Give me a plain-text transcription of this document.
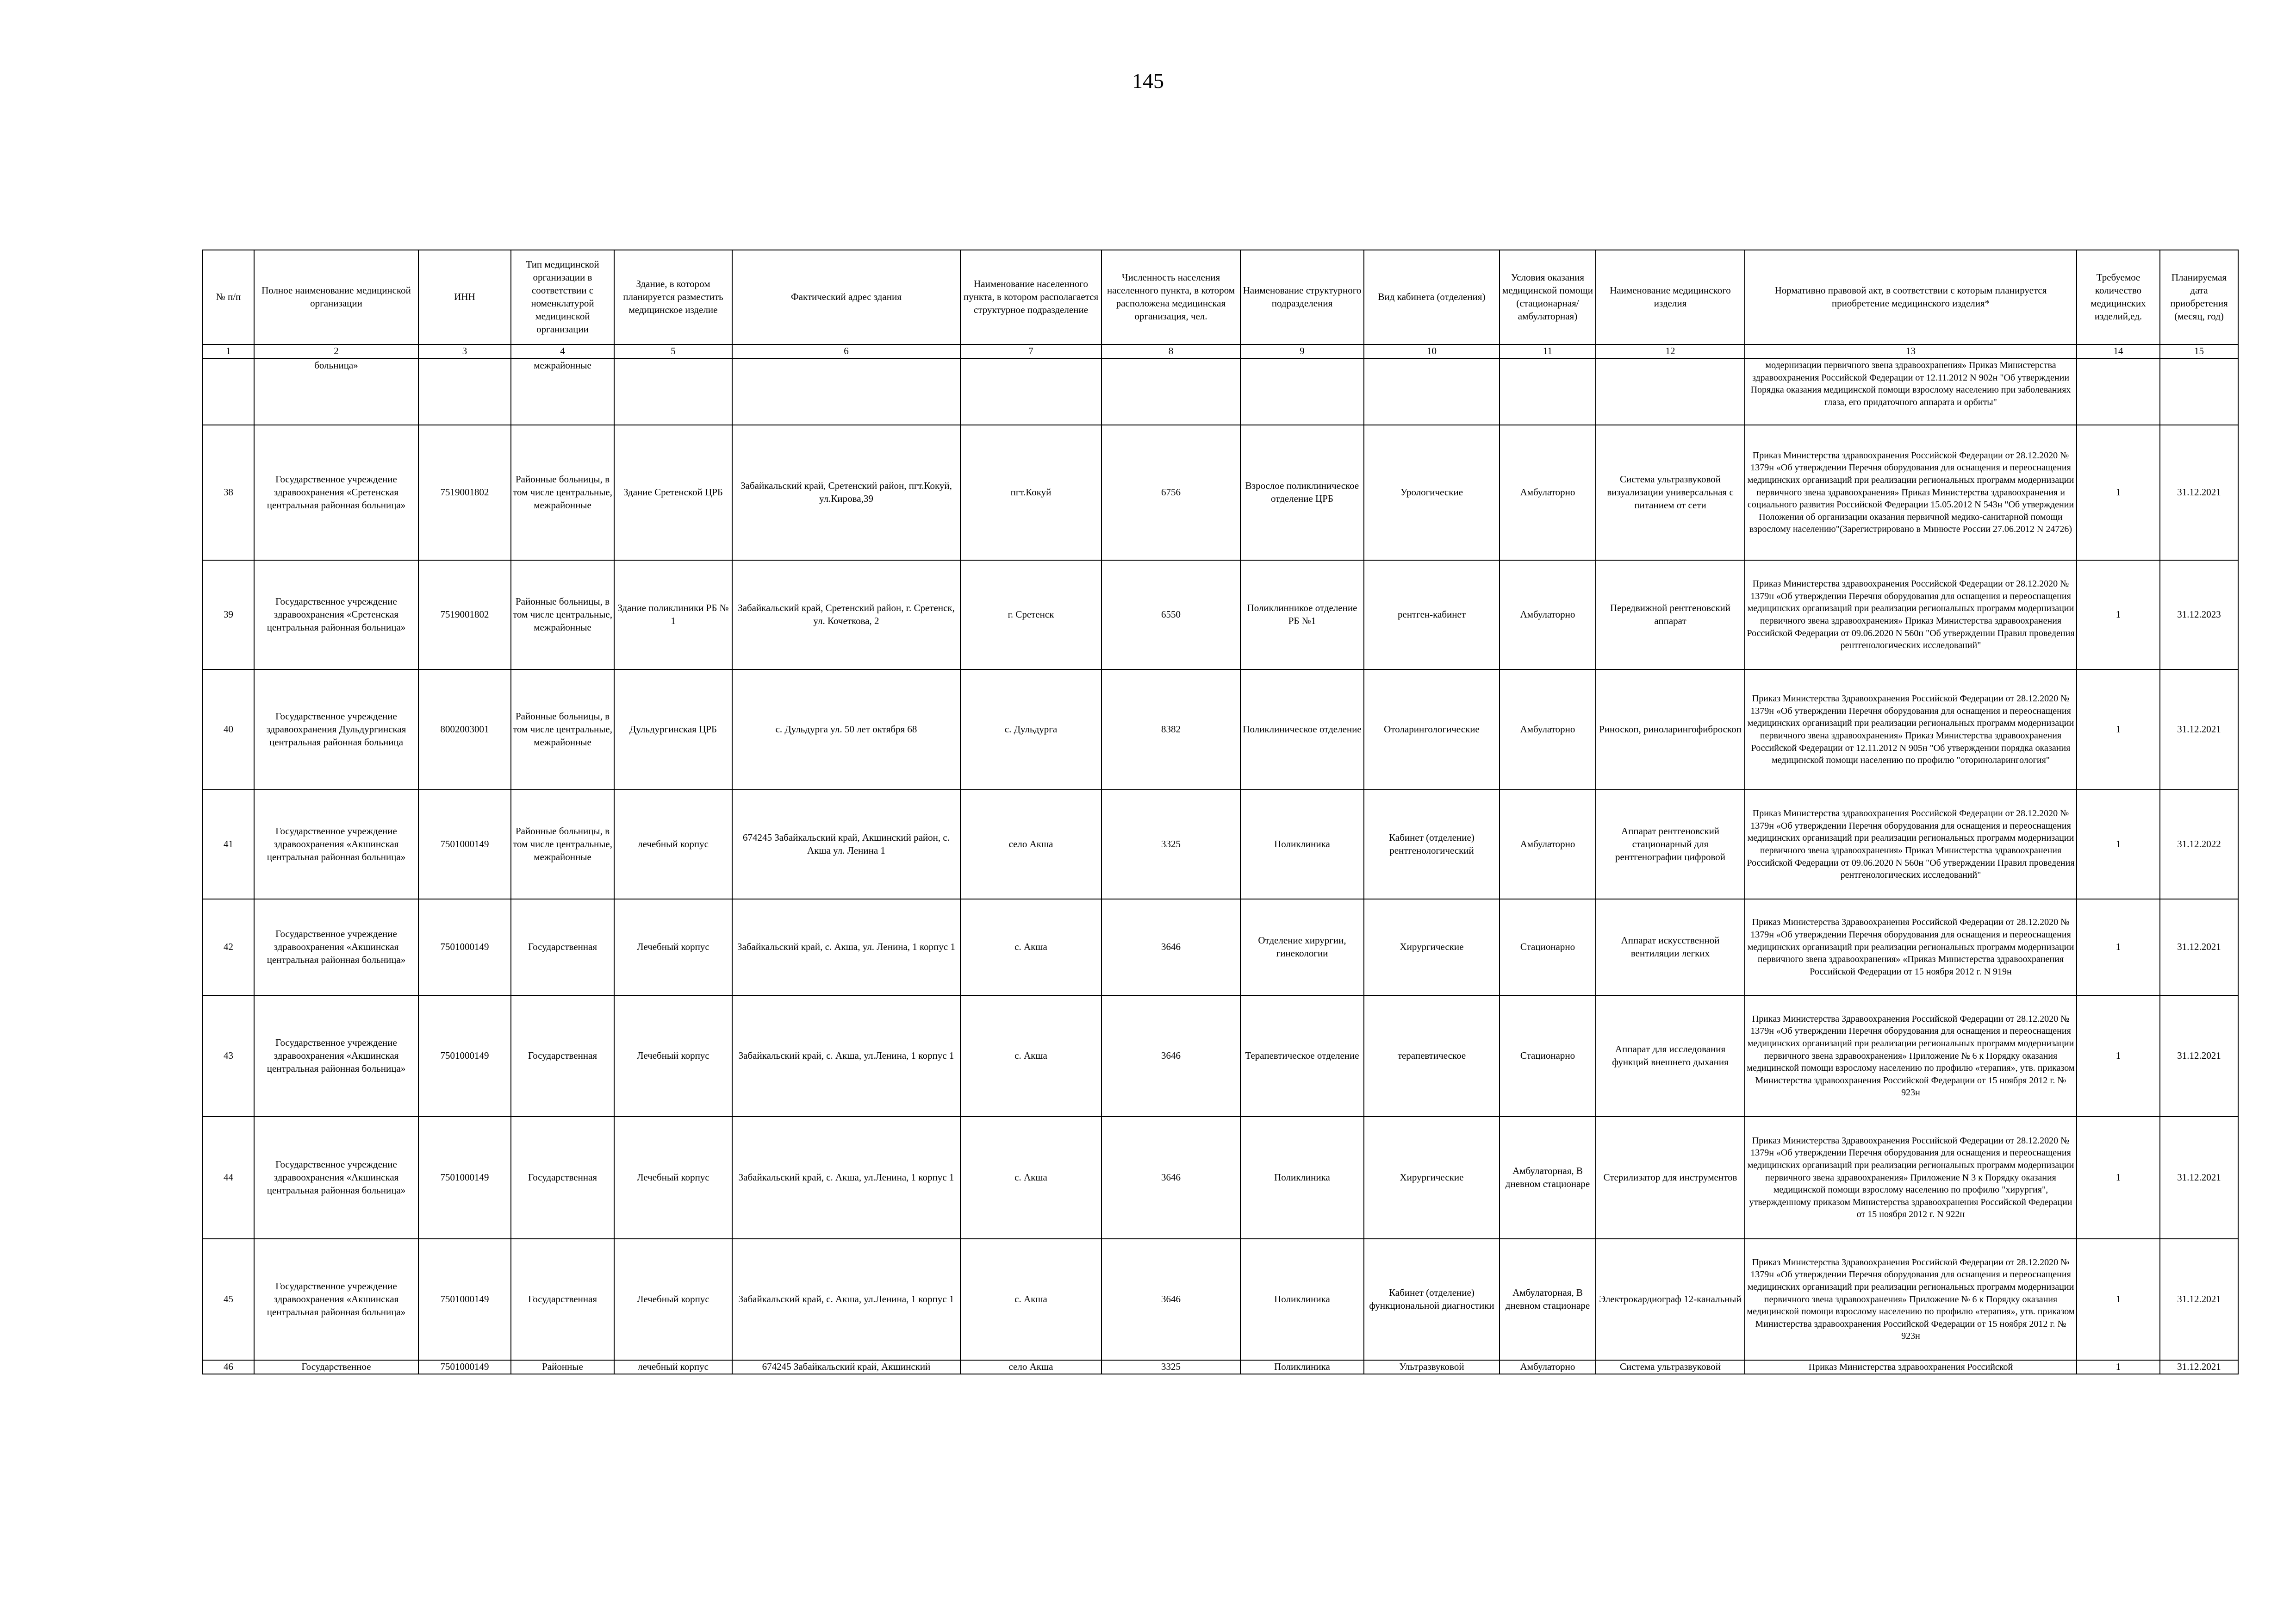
145
№ п/п	Полное наименование медицинской организации	ИНН	Тип медицинской организации в соответствии с номенклатурой медицинской организации	Здание, в котором планируется разместить медицинское изделие	Фактический адрес здания	Наименование населенного пункта, в котором располагается структурное подразделение	Численность населения населенного пункта, в котором расположена медицинская организация, чел.	Наименование структурного подразделения	Вид кабинета (отделения)	Условия оказания медицинской помощи (стационарная/ амбулаторная)	Наименование медицинского изделия	Нормативно правовой акт, в соответствии с которым планируется приобретение медицинского изделия*	Требуемое количество медицинских изделий,ед.	Планируемая дата приобретения (месяц, год)
1	2	3	4	5	6	7	8	9	10	11	12	13	14	15
	больница»		межрайонные									модернизации первичного звена здравоохранения» Приказ Министерства здравоохранения Российской Федерации от 12.11.2012 N 902н "Об утверждении Порядка оказания медицинской помощи взрослому населению при заболеваниях глаза, его придаточного аппарата и орбиты"		
38	Государственное учреждение здравоохранения «Сретенская центральная районная больница»	7519001802	Районные больницы, в том числе центральные, межрайонные	Здание Сретенской ЦРБ	Забайкальский край, Сретенский район, пгт.Кокуй, ул.Кирова,39	пгт.Кокуй	6756	Взрослое поликлиническое отделение ЦРБ	Урологические	Амбулаторно	Система ультразвуковой визуализации универсальная с питанием от сети	Приказ Министерства здравоохранения Российской Федерации от 28.12.2020 № 1379н «Об утверждении Перечня оборудования для оснащения и переоснащения медицинских организаций при реализации региональных программ модернизации первичного звена здравоохранения» Приказ Министерства здравоохранения и социального развития Российской Федерации 15.05.2012 N 543н "Об утверждении Положения об организации оказания первичной медико-санитарной помощи взрослому населению"(Зарегистрировано в Минюсте России 27.06.2012 N 24726)	1	31.12.2021
39	Государственное учреждение здравоохранения «Сретенская центральная районная больница»	7519001802	Районные больницы, в том числе центральные, межрайонные	Здание поликлиники РБ № 1	Забайкальский край, Сретенский район, г. Сретенск, ул. Кочеткова, 2	г. Сретенск	6550	Поликлинникое отделение РБ №1	рентген-кабинет	Амбулаторно	Передвижной рентгеновский аппарат	Приказ Министерства здравоохранения Российской Федерации от 28.12.2020 № 1379н «Об утверждении Перечня оборудования для оснащения и переоснащения медицинских организаций при реализации региональных программ модернизации первичного звена здравоохранения» Приказ Министерства здравоохранения Российской Федерации от 09.06.2020 N 560н "Об утверждении Правил проведения рентгенологических исследований"	1	31.12.2023
40	Государственное учреждение здравоохранения Дульдургинская центральная районная больница	8002003001	Районные больницы, в том числе центральные, межрайонные	Дульдургинская ЦРБ	с. Дульдурга ул. 50 лет октября 68	с. Дульдурга	8382	Поликлиническое отделение	Отоларингологические	Амбулаторно	Риноскоп, риноларингофиброскоп	Приказ Министерства Здравоохранения Российской Федерации от 28.12.2020 № 1379н «Об утверждении Перечня оборудования для оснащения и переоснащения медицинских организаций при реализации региональных программ модернизации первичного звена здравоохранения» Приказ Министерства здравоохранения Российской Федерации от 12.11.2012 N 905н "Об утверждении порядка оказания медицинской помощи населению по профилю "оториноларингология"	1	31.12.2021
41	Государственное учреждение здравоохранения «Акшинская центральная районная больница»	7501000149	Районные больницы, в том числе центральные, межрайонные	лечебный корпус	674245 Забайкальский край, Акшинский район, с. Акша ул. Ленина 1	село Акша	3325	Поликлиника	Кабинет (отделение) рентгенологический	Амбулаторно	Аппарат рентгеновский стационарный для рентгенографии цифровой	Приказ Министерства здравоохранения Российской Федерации от 28.12.2020 № 1379н «Об утверждении Перечня оборудования для оснащения и переоснащения медицинских организаций при реализации региональных программ модернизации первичного звена здравоохранения» Приказ Министерства здравоохранения Российской Федерации от 09.06.2020 N 560н "Об утверждении Правил проведения рентгенологических исследований"	1	31.12.2022
42	Государственное учреждение здравоохранения «Акшинская центральная районная больница»	7501000149	Государственная	Лечебный корпус	Забайкальский край, с. Акша, ул. Ленина, 1 корпус 1	с. Акша	3646	Отделение хирургии, гинекологии	Хирургические	Стационарно	Аппарат искусственной вентиляции легких	Приказ Министерства Здравоохранения Российской Федерации от 28.12.2020 № 1379н «Об утверждении Перечня оборудования для оснащения и переоснащения медицинских организаций при реализации региональных программ модернизации первичного звена здравоохранения» «Приказ Министерства здравоохранения Российской Федерации от 15 ноября 2012 г. N 919н	1	31.12.2021
43	Государственное учреждение здравоохранения «Акшинская центральная районная больница»	7501000149	Государственная	Лечебный корпус	Забайкальский край, с. Акша, ул.Ленина, 1 корпус 1	с. Акша	3646	Терапевтическое отделение	терапевтическое	Стационарно	Аппарат для исследования функций внешнего дыхания	Приказ Министерства Здравоохранения Российской Федерации от 28.12.2020 № 1379н «Об утверждении Перечня оборудования для оснащения и переоснащения медицинских организаций при реализации региональных программ модернизации первичного звена здравоохранения» Приложение № 6 к Порядку оказания медицинской помощи взрослому населению по профилю «терапия», утв. приказом Министерства здравоохранения Российской Федерации от 15 ноября 2012 г. № 923н	1	31.12.2021
44	Государственное учреждение здравоохранения «Акшинская центральная районная больница»	7501000149	Государственная	Лечебный корпус	Забайкальский край, с. Акша, ул.Ленина, 1 корпус 1	с. Акша	3646	Поликлиника	Хирургические	Амбулаторная, В дневном стационаре	Стерилизатор для инструментов	Приказ Министерства Здравоохранения Российской Федерации от 28.12.2020 № 1379н «Об утверждении Перечня оборудования для оснащения и переоснащения медицинских организаций при реализации региональных программ модернизации первичного звена здравоохранения» Приложение N 3 к Порядку оказания медицинской помощи взрослому населению по профилю "хирургия", утвержденному приказом Министерства здравоохранения Российской Федерации от 15 ноября 2012 г. N 922н	1	31.12.2021
45	Государственное учреждение здравоохранения «Акшинская центральная районная больница»	7501000149	Государственная	Лечебный корпус	Забайкальский край, с. Акша, ул.Ленина, 1 корпус 1	с. Акша	3646	Поликлиника	Кабинет (отделение) функциональной диагностики	Амбулаторная, В дневном стационаре	Электрокардиограф 12-канальный	Приказ Министерства Здравоохранения Российской Федерации от 28.12.2020 № 1379н «Об утверждении Перечня оборудования для оснащения и переоснащения медицинских организаций при реализации региональных программ модернизации первичного звена здравоохранения» Приложение № 6 к Порядку оказания медицинской помощи взрослому населению по профилю «терапия», утв. приказом Министерства здравоохранения Российской Федерации от 15 ноября 2012 г. № 923н	1	31.12.2021
46	Государственное	7501000149	Районные	лечебный корпус	674245 Забайкальский край, Акшинский	село Акша	3325	Поликлиника	Ультразвуковой	Амбулаторно	Система ультразвуковой	Приказ Министерства здравоохранения Российской	1	31.12.2021
